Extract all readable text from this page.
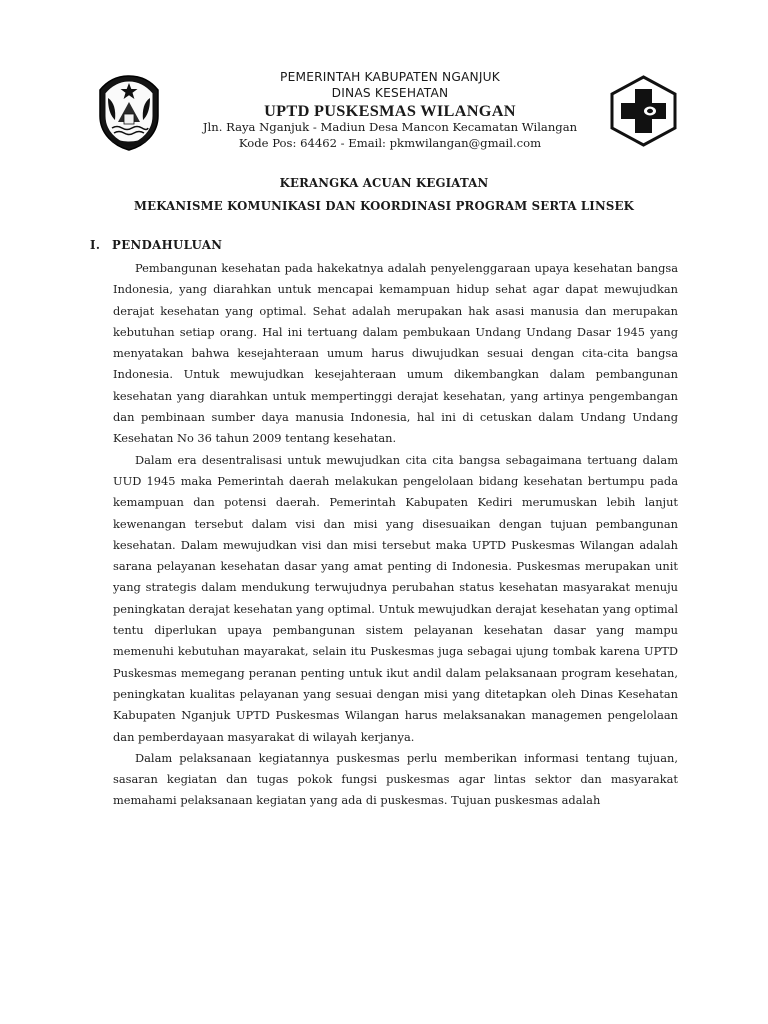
PEMERINTAH KABUPATEN NGANJUK
DINAS KESEHATAN
UPTD PUSKESMAS WILANGAN
Jln. Raya Nganjuk - Madiun Desa Mancon Kecamatan Wilangan
Kode Pos: 64462 - Email: pkmwilangan@gmail.com
KERANGKA ACUAN KEGIATAN
MEKANISME KOMUNIKASI DAN KOORDINASI PROGRAM SERTA LINSEK
I. PENDAHULUAN

Pembangunan kesehatan pada hakekatnya adalah penyelenggaraan upaya kesehatan bangsa Indonesia, yang diarahkan untuk mencapai kemampuan hidup sehat agar dapat mewujudkan derajat kesehatan yang optimal. Sehat adalah merupakan hak asasi manusia dan merupakan kebutuhan setiap orang. Hal ini tertuang dalam pembukaan Undang Undang Dasar 1945 yang menyatakan bahwa kesejahteraan umum harus diwujudkan sesuai dengan cita-cita bangsa Indonesia. Untuk mewujudkan kesejahteraan umum dikembangkan dalam pembangunan kesehatan yang diarahkan untuk mempertinggi derajat kesehatan, yang artinya pengembangan dan pembinaan sumber daya manusia Indonesia, hal ini di cetuskan dalam Undang Undang Kesehatan No 36 tahun 2009 tentang kesehatan.

Dalam era desentralisasi untuk mewujudkan cita cita bangsa sebagaimana tertuang dalam UUD 1945 maka Pemerintah daerah melakukan pengelolaan bidang kesehatan bertumpu pada kemampuan dan potensi daerah. Pemerintah Kabupaten Kediri merumuskan lebih lanjut kewenangan tersebut dalam visi dan misi yang disesuaikan dengan tujuan pembangunan kesehatan. Dalam mewujudkan visi dan misi tersebut maka UPTD Puskesmas Wilangan adalah sarana pelayanan kesehatan dasar yang amat penting di Indonesia. Puskesmas merupakan unit yang strategis dalam mendukung terwujudnya perubahan status kesehatan masyarakat menuju peningkatan derajat kesehatan yang optimal. Untuk mewujudkan derajat kesehatan yang optimal tentu diperlukan upaya pembangunan sistem pelayanan kesehatan dasar yang mampu memenuhi kebutuhan mayarakat, selain itu Puskesmas juga sebagai ujung tombak karena UPTD Puskesmas memegang peranan penting untuk ikut andil dalam pelaksanaan program kesehatan, peningkatan kualitas pelayanan yang sesuai dengan misi yang ditetapkan oleh Dinas Kesehatan Kabupaten Nganjuk UPTD Puskesmas Wilangan harus melaksanakan managemen pengelolaan dan pemberdayaan masyarakat di wilayah kerjanya.

Dalam pelaksanaan kegiatannya puskesmas perlu memberikan informasi tentang tujuan, sasaran kegiatan dan tugas pokok fungsi puskesmas agar lintas sektor dan masyarakat memahami pelaksanaan kegiatan yang ada di puskesmas. Tujuan puskesmas adalah
